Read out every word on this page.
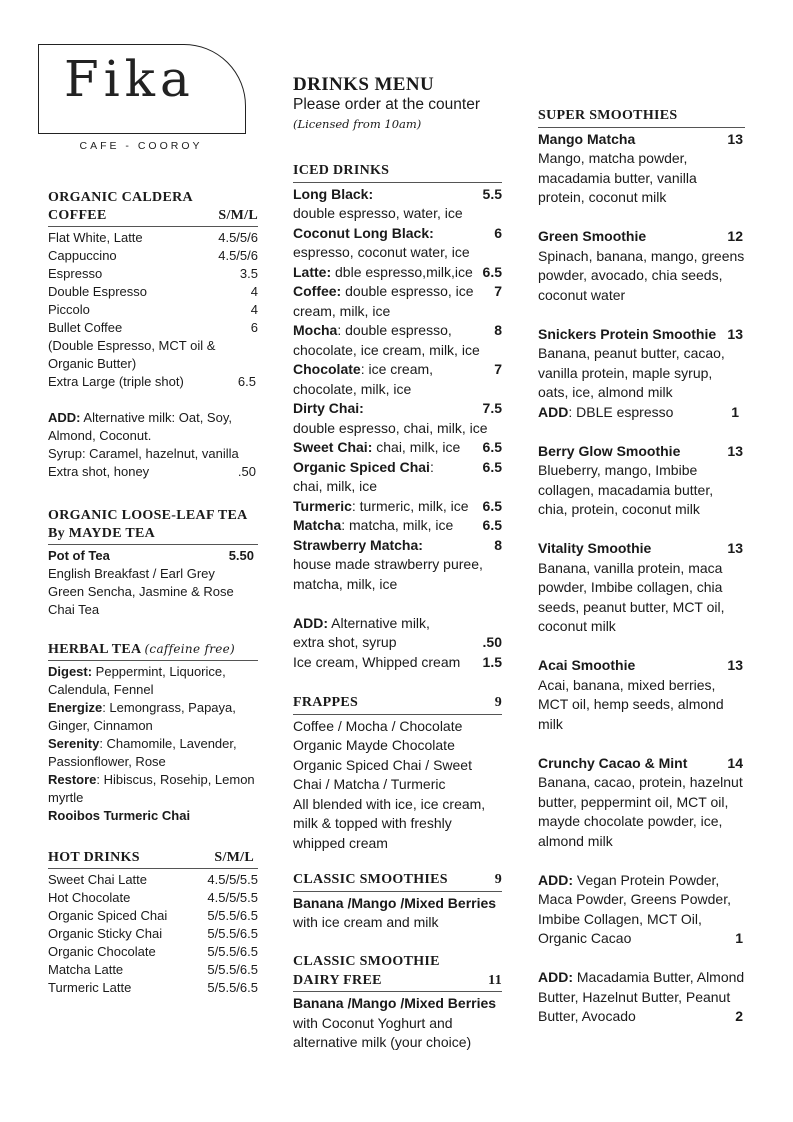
Fika
CAFE - COOROY
ORGANIC CALDERA
COFFEE	S/M/L
Flat White, Latte	4.5/5/6
Cappuccino	4.5/5/6
Espresso	3.5
Double Espresso	4
Piccolo	4
Bullet Coffee	6
(Double Espresso, MCT oil &
Organic Butter)
Extra Large (triple shot)	6.5
ADD: Alternative milk: Oat, Soy, Almond, Coconut.
Syrup: Caramel, hazelnut, vanilla
Extra shot, honey	.50
ORGANIC LOOSE-LEAF TEA
By MAYDE TEA
Pot of Tea	5.50
English Breakfast / Earl Grey
Green Sencha, Jasmine & Rose
Chai Tea
HERBAL TEA (caffeine free)
Digest: Peppermint, Liquorice, Calendula, Fennel
Energize: Lemongrass, Papaya, Ginger, Cinnamon
Serenity: Chamomile, Lavender, Passionflower, Rose
Restore: Hibiscus, Rosehip, Lemon myrtle
Rooibos Turmeric Chai
HOT DRINKS	S/M/L
Sweet Chai Latte	4.5/5/5.5
Hot Chocolate	4.5/5/5.5
Organic Spiced Chai	5/5.5/6.5
Organic Sticky Chai	5/5.5/6.5
Organic Chocolate	5/5.5/6.5
Matcha Latte	5/5.5/6.5
Turmeric Latte	5/5.5/6.5
DRINKS MENU
Please order at the counter
(Licensed from 10am)
ICED DRINKS
Long Black:	5.5
double espresso, water, ice
Coconut Long Black:	6
espresso, coconut water, ice
Latte: dble espresso,milk,ice 6.5
Coffee: double espresso, ice 7
cream, milk, ice
Mocha: double espresso,	8
chocolate, ice cream, milk, ice
Chocolate: ice cream,	7
chocolate, milk, ice
Dirty Chai:	7.5
double espresso, chai, milk, ice
Sweet Chai: chai, milk, ice 6.5
Organic Spiced Chai:	6.5
chai, milk, ice
Turmeric: turmeric, milk, ice 6.5
Matcha: matcha, milk, ice 6.5
Strawberry Matcha:	8
house made strawberry puree, matcha, milk, ice
ADD: Alternative milk,
extra shot, syrup	.50
Ice cream, Whipped cream 1.5
FRAPPES	9
Coffee / Mocha / Chocolate
Organic Mayde Chocolate
Organic Spiced Chai / Sweet
Chai / Matcha / Turmeric
All blended with ice, ice cream,
milk & topped with freshly
whipped cream
CLASSIC SMOOTHIES	9
Banana /Mango /Mixed Berries
with ice cream and milk
CLASSIC SMOOTHIE
DAIRY FREE	11
Banana /Mango /Mixed Berries
with Coconut Yoghurt and alternative milk (your choice)
SUPER SMOOTHIES
Mango Matcha	13
Mango, matcha powder, macadamia butter, vanilla protein, coconut milk
Green Smoothie	12
Spinach, banana, mango, greens powder, avocado, chia seeds, coconut water
Snickers Protein Smoothie 13
Banana, peanut butter, cacao, vanilla protein, maple syrup, oats, ice, almond milk
ADD: DBLE espresso	1
Berry Glow Smoothie	13
Blueberry, mango, Imbibe collagen, macadamia butter, chia, protein, coconut milk
Vitality Smoothie	13
Banana, vanilla protein, maca powder, Imbibe collagen, chia seeds, peanut butter, MCT oil, coconut milk
Acai Smoothie	13
Acai, banana, mixed berries, MCT oil, hemp seeds, almond milk
Crunchy Cacao & Mint	14
Banana, cacao, protein, hazelnut butter, peppermint oil, MCT oil, mayde chocolate powder, ice, almond milk
ADD: Vegan Protein Powder, Maca Powder, Greens Powder, Imbibe Collagen, MCT Oil, Organic Cacao	1
ADD: Macadamia Butter, Almond Butter, Hazelnut Butter, Peanut Butter, Avocado	2
